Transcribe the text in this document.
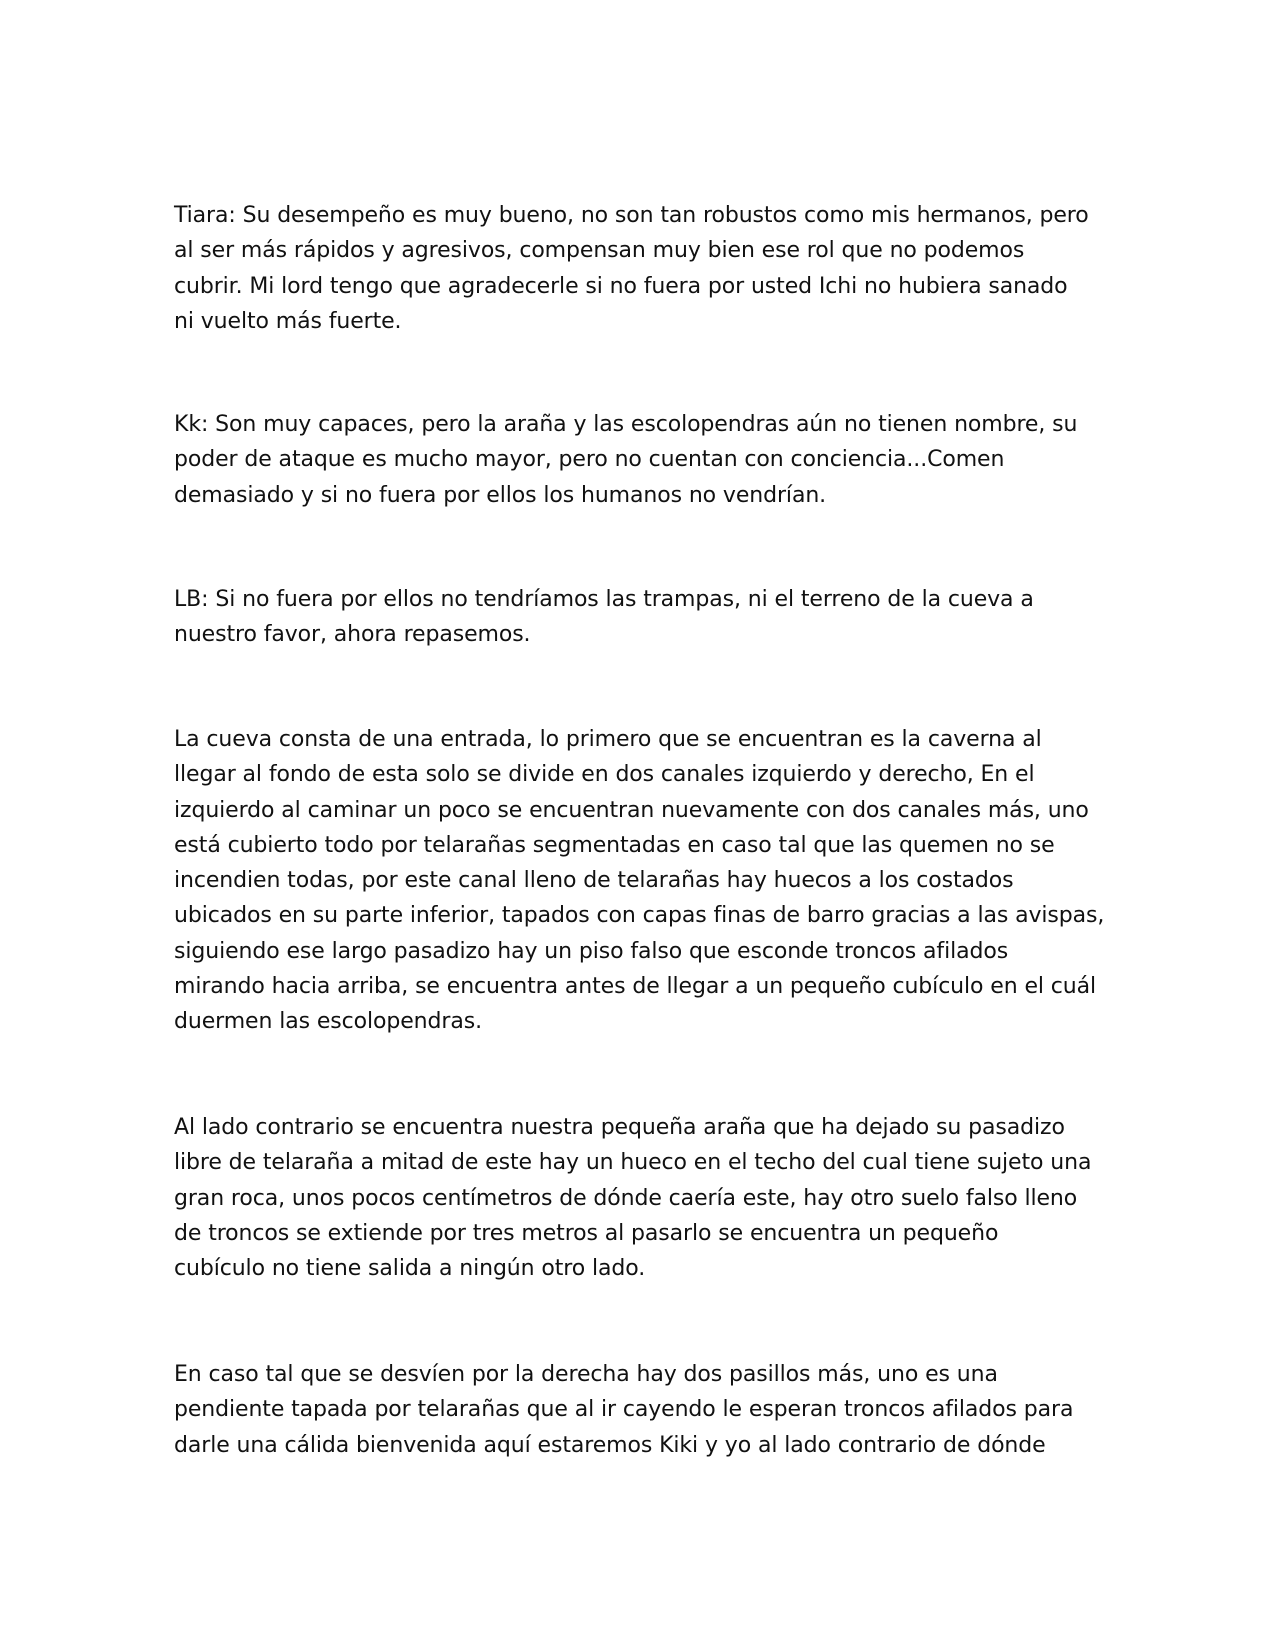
Tiara: Su desempeño es muy bueno, no son tan robustos como mis hermanos, pero
al ser más rápidos y agresivos, compensan muy bien ese rol que no podemos
cubrir. Mi lord tengo que agradecerle si no fuera por usted Ichi no hubiera sanado
ni vuelto más fuerte.
Kk: Son muy capaces, pero la araña y las escolopendras aún no tienen nombre, su
poder de ataque es mucho mayor, pero no cuentan con conciencia...Comen
demasiado y si no fuera por ellos los humanos no vendrían.
LB: Si no fuera por ellos no tendríamos las trampas, ni el terreno de la cueva a
nuestro favor, ahora repasemos.
La cueva consta de una entrada, lo primero que se encuentran es la caverna al
llegar al fondo de esta solo se divide en dos canales izquierdo y derecho, En el
izquierdo al caminar un poco se encuentran nuevamente con dos canales más, uno
está cubierto todo por telarañas segmentadas en caso tal que las quemen no se
incendien todas, por este canal lleno de telarañas hay huecos a los costados
ubicados en su parte inferior, tapados con capas finas de barro gracias a las avispas,
siguiendo ese largo pasadizo hay un piso falso que esconde troncos afilados
mirando hacia arriba, se encuentra antes de llegar a un pequeño cubículo en el cuál
duermen las escolopendras.
Al lado contrario se encuentra nuestra pequeña araña que ha dejado su pasadizo
libre de telaraña a mitad de este hay un hueco en el techo del cual tiene sujeto una
gran roca, unos pocos centímetros de dónde caería este, hay otro suelo falso lleno
de troncos se extiende por tres metros al pasarlo se encuentra un pequeño
cubículo no tiene salida a ningún otro lado.
En caso tal que se desvíen por la derecha hay dos pasillos más, uno es una
pendiente tapada por telarañas que al ir cayendo le esperan troncos afilados para
darle una cálida bienvenida aquí estaremos Kiki y yo al lado contrario de dónde
